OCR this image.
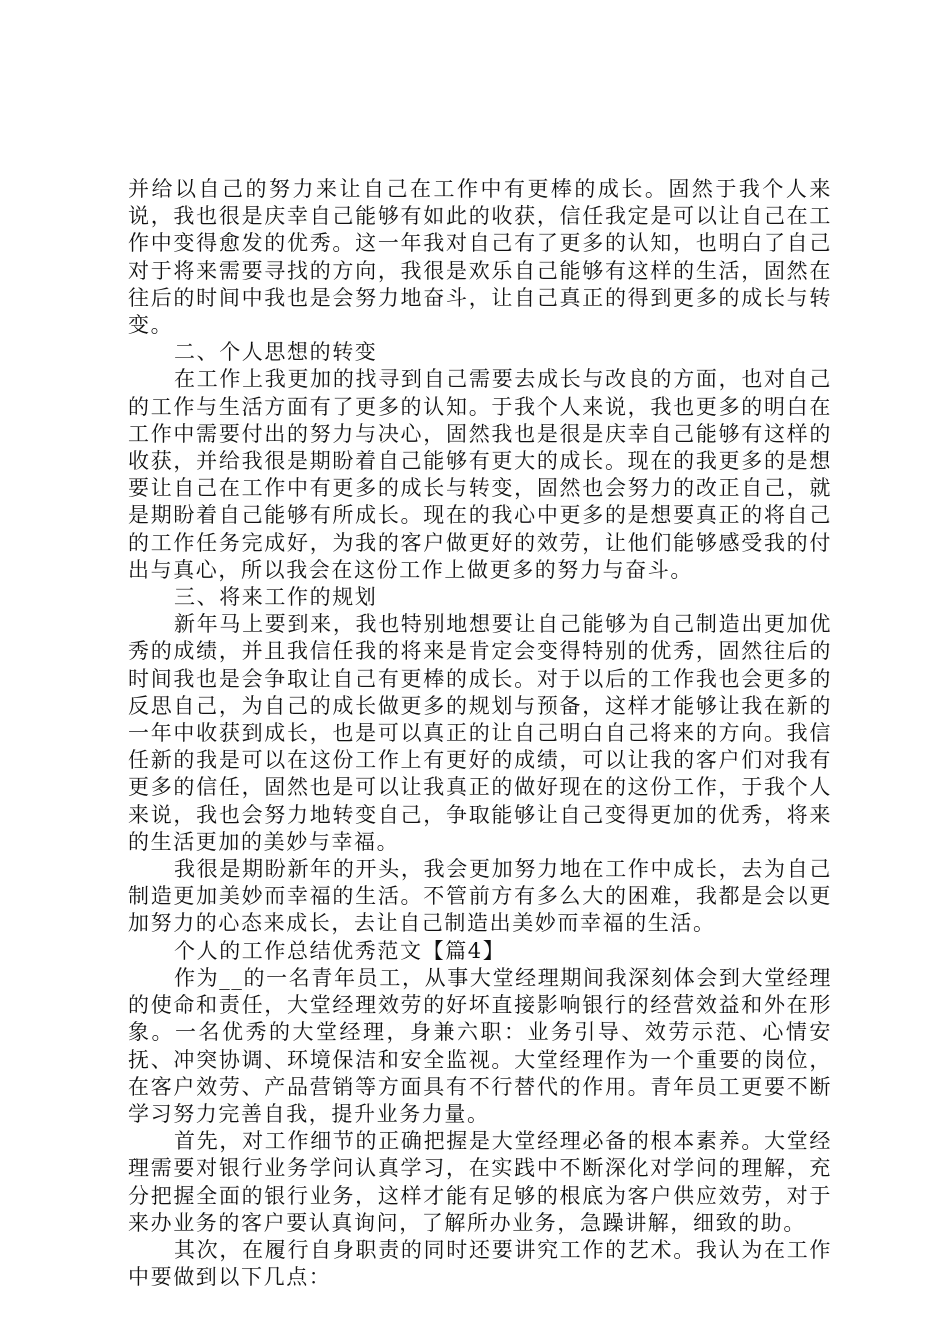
并给以自己的努力来让自己在工作中有更棒的成长。固然于我个人来说，我也很是庆幸自己能够有如此的收获，信任我定是可以让自己在工作中变得愈发的优秀。这一年我对自己有了更多的认知，也明白了自己对于将来需要寻找的方向，我很是欢乐自己能够有这样的生活，固然在往后的时间中我也是会努力地奋斗，让自己真正的得到更多的成长与转变。

二、个人思想的转变

在工作上我更加的找寻到自己需要去成长与改良的方面，也对自己的工作与生活方面有了更多的认知。于我个人来说，我也更多的明白在工作中需要付出的努力与决心，固然我也是很是庆幸自己能够有这样的收获，并给我很是期盼着自己能够有更大的成长。现在的我更多的是想要让自己在工作中有更多的成长与转变，固然也会努力的改正自己，就是期盼着自己能够有所成长。现在的我心中更多的是想要真正的将自己的工作任务完成好，为我的客户做更好的效劳，让他们能够感受我的付出与真心，所以我会在这份工作上做更多的努力与奋斗。

三、将来工作的规划

新年马上要到来，我也特别地想要让自己能够为自己制造出更加优秀的成绩，并且我信任我的将来是肯定会变得特别的优秀，固然往后的时间我也是会争取让自己有更棒的成长。对于以后的工作我也会更多的反思自己，为自己的成长做更多的规划与预备，这样才能够让我在新的一年中收获到成长，也是可以真正的让自己明白自己将来的方向。我信任新的我是可以在这份工作上有更好的成绩，可以让我的客户们对我有更多的信任，固然也是可以让我真正的做好现在的这份工作，于我个人来说，我也会努力地转变自己，争取能够让自己变得更加的优秀，将来的生活更加的美妙与幸福。

我很是期盼新年的开头，我会更加努力地在工作中成长，去为自己制造更加美妙而幸福的生活。不管前方有多么大的困难，我都是会以更加努力的心态来成长，去让自己制造出美妙而幸福的生活。

个人的工作总结优秀范文【篇4】

作为__的一名青年员工，从事大堂经理期间我深刻体会到大堂经理的使命和责任，大堂经理效劳的好坏直接影响银行的经营效益和外在形象。一名优秀的大堂经理，身兼六职：业务引导、效劳示范、心情安抚、冲突协调、环境保洁和安全监视。大堂经理作为一个重要的岗位，在客户效劳、产品营销等方面具有不行替代的作用。青年员工更要不断学习努力完善自我，提升业务力量。

首先，对工作细节的正确把握是大堂经理必备的根本素养。大堂经理需要对银行业务学问认真学习，在实践中不断深化对学问的理解，充分把握全面的银行业务，这样才能有足够的根底为客户供应效劳，对于来办业务的客户要认真询问，了解所办业务，急躁讲解，细致的助。

其次，在履行自身职责的同时还要讲究工作的艺术。我认为在工作中要做到以下几点：
